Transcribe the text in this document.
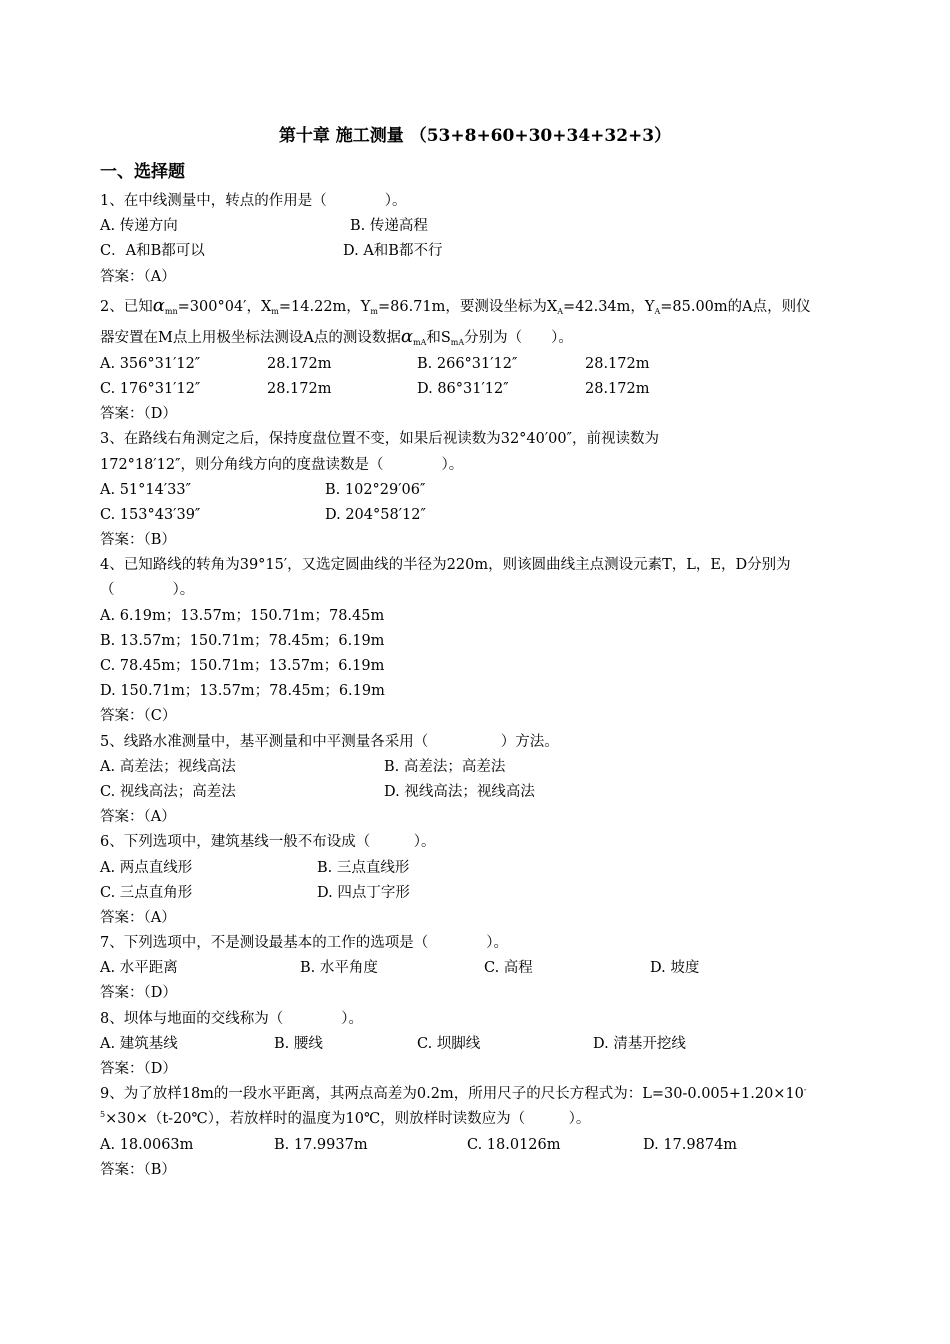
第十章 施工测量 （53+8+60+30+34+32+3）
一、选择题
1、在中线测量中，转点的作用是（　　　　）。
A. 传递方向	B. 传递高程
C．A和B都可以	D. A和B都不行
答案：（A）
2、已知$\alpha_{mn}=300^\circ 04'$，$X_m=14.22m$，$Y_m=86.71m$，要测设坐标为$X_A=42.34m$，$Y_A=85.00m$的A点，则仪
器安置在M点上用极坐标法测设A点的测设数据$\alpha_{mA}$和$S_{mA}$分别为（　　）。
A. 356°31′12″	28.172m	B. 266°31′12″	28.172m
C. 176°31′12″	28.172m	D. 86°31′12″	28.172m
答案：（D）
3、在路线右角测定之后，保持度盘位置不变，如果后视读数为32°40′00″，前视读数为
172°18′12″，则分角线方向的度盘读数是（　　　　）。
A. 51°14′33″	B. 102°29′06″
C. 153°43′39″	D. 204°58′12″
答案：（B）
4、已知路线的转角为39°15′，又选定圆曲线的半径为220m，则该圆曲线主点测设元素T，L，E，D分别为
（　　　　）。
A. 6.19m；13.57m；150.71m；78.45m
B. 13.57m；150.71m；78.45m；6.19m
C. 78.45m；150.71m；13.57m；6.19m
D. 150.71m；13.57m；78.45m；6.19m
答案：（C）
5、线路水准测量中，基平测量和中平测量各采用（　　　　　）方法。
A. 高差法；视线高法	B. 高差法；高差法
C. 视线高法；高差法	D. 视线高法；视线高法
答案：（A）
6、下列选项中，建筑基线一般不布设成（　　　）。
A. 两点直线形	B. 三点直线形
C. 三点直角形	D. 四点丁字形
答案：（A）
7、下列选项中，不是测设最基本的工作的选项是（　　　　）。
A. 水平距离	B. 水平角度	C. 高程	D. 坡度
答案：（D）
8、坝体与地面的交线称为（　　　　）。
A. 建筑基线	B. 腰线	C. 坝脚线	D. 清基开挖线
答案：（D）
9、为了放样18m的一段水平距离，其两点高差为0.2m，所用尺子的尺长方程式为：L=30-0.005+1.20×10-
$^5$×30×（t-20℃），若放样时的温度为10℃，则放样时读数应为（　　　）。
A. 18.0063m	B. 17.9937m	C. 18.0126m	D. 17.9874m
答案：（B）
